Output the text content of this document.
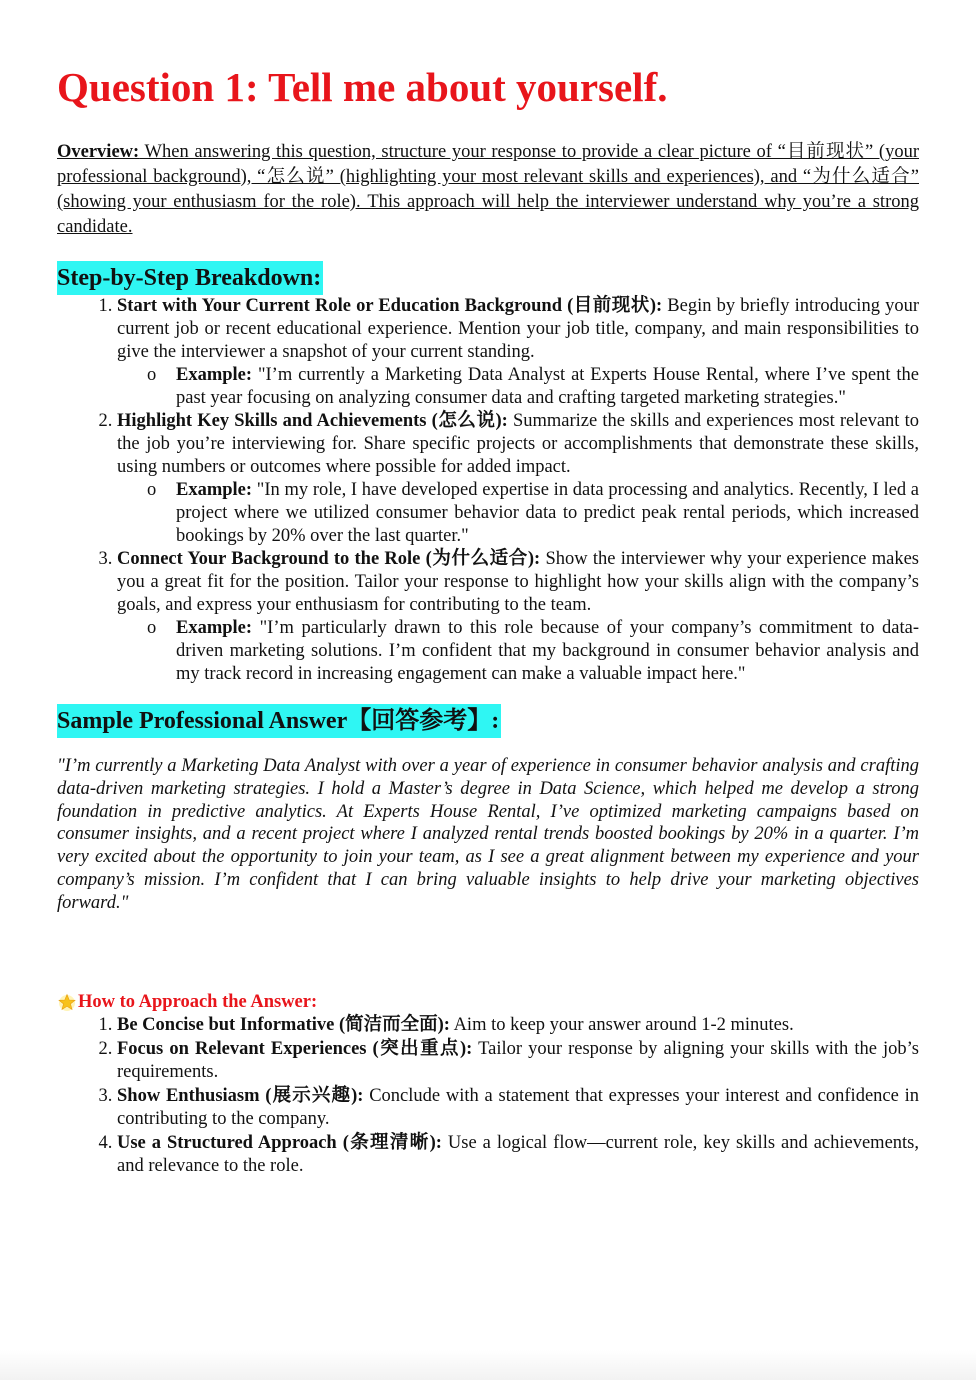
Question 1: Tell me about yourself.

Overview: When answering this question, structure your response to provide a clear picture of “目前现状” (your professional background), “怎么说” (highlighting your most relevant skills and experiences), and “为什么适合” (showing your enthusiasm for the role). This approach will help the interviewer understand why you’re a strong candidate.

Step-by-Step Breakdown:
1. Start with Your Current Role or Education Background (目前现状): Begin by briefly introducing your current job or recent educational experience. Mention your job title, company, and main responsibilities to give the interviewer a snapshot of your current standing.
o Example: "I’m currently a Marketing Data Analyst at Experts House Rental, where I’ve spent the past year focusing on analyzing consumer data and crafting targeted marketing strategies."
2. Highlight Key Skills and Achievements (怎么说): Summarize the skills and experiences most relevant to the job you’re interviewing for. Share specific projects or accomplishments that demonstrate these skills, using numbers or outcomes where possible for added impact.
o Example: "In my role, I have developed expertise in data processing and analytics. Recently, I led a project where we utilized consumer behavior data to predict peak rental periods, which increased bookings by 20% over the last quarter."
3. Connect Your Background to the Role (为什么适合): Show the interviewer why your experience makes you a great fit for the position. Tailor your response to highlight how your skills align with the company’s goals, and express your enthusiasm for contributing to the team.
o Example: "I’m particularly drawn to this role because of your company’s commitment to data-driven marketing solutions. I’m confident that my background in consumer behavior analysis and my track record in increasing engagement can make a valuable impact here."
Sample Professional Answer【回答参考】:

"I’m currently a Marketing Data Analyst with over a year of experience in consumer behavior analysis and crafting data-driven marketing strategies. I hold a Master’s degree in Data Science, which helped me develop a strong foundation in predictive analytics. At Experts House Rental, I’ve optimized marketing campaigns based on consumer insights, and a recent project where I analyzed rental trends boosted bookings by 20% in a quarter. I’m very excited about the opportunity to join your team, as I see a great alignment between my experience and your company’s mission. I’m confident that I can bring valuable insights to help drive your marketing objectives forward."

How to Approach the Answer:
1. Be Concise but Informative (简洁而全面): Aim to keep your answer around 1-2 minutes.
2. Focus on Relevant Experiences (突出重点): Tailor your response by aligning your skills with the job’s requirements.
3. Show Enthusiasm (展示兴趣): Conclude with a statement that expresses your interest and confidence in contributing to the company.
4. Use a Structured Approach (条理清晰): Use a logical flow—current role, key skills and achievements, and relevance to the role.
